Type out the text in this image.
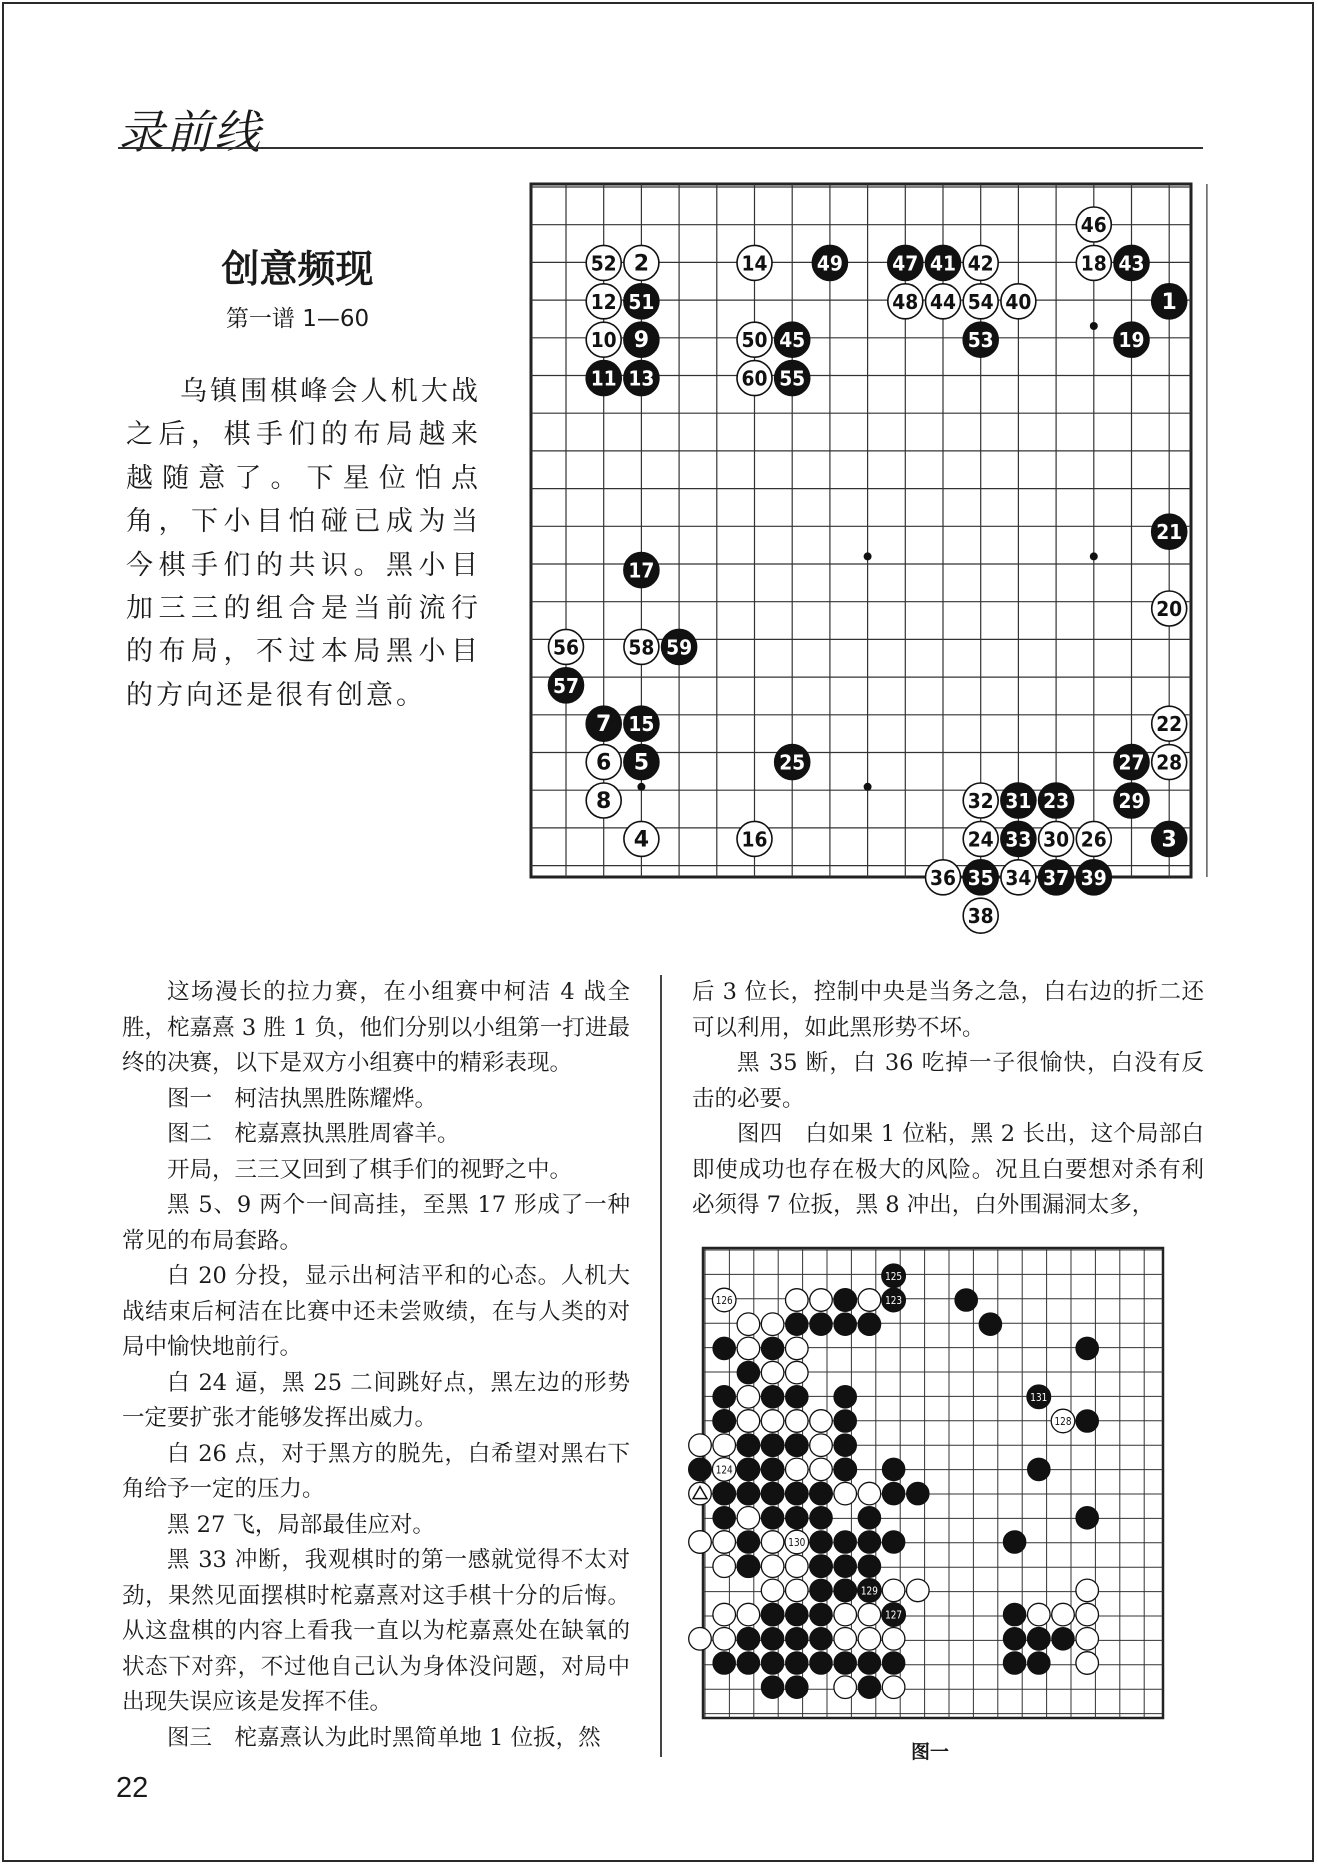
录前线
创意频现
第一谱 1—60

乌镇围棋峰会人机大战之后，棋手们的布局越来越随意了。下星位怕点角，下小目怕碰已成为当今棋手们的共识。黑小目加三三的组合是当前流行的布局，不过本局黑小目的方向还是很有创意。

1
2
3
4
5
6
7
8
9
10
11
12
13
14
15
16
17
18
19
20
21
22
23
24
25
26
27 28
29
30
31
32
33
34
35
36	37
38
39
40
41 42	43
44
45
46
47
48
49
50
51
52
53
54
55
56
57
58 59
60
125
126	123
131
128
124
130
129
127

这场漫长的拉力赛，在小组赛中柯洁 4 战全胜，柁嘉熹 3 胜 1 负，他们分别以小组第一打进最终的决赛，以下是双方小组赛中的精彩表现。

图一　柯洁执黑胜陈耀烨。

图二　柁嘉熹执黑胜周睿羊。

开局，三三又回到了棋手们的视野之中。

黑 5、9 两个一间高挂，至黑 17 形成了一种常见的布局套路。

白 20 分投，显示出柯洁平和的心态。人机大战结束后柯洁在比赛中还未尝败绩，在与人类的对局中愉快地前行。

白 24 逼，黑 25 二间跳好点，黑左边的形势一定要扩张才能够发挥出威力。

白 26 点，对于黑方的脱先，白希望对黑右下角给予一定的压力。

黑 27 飞，局部最佳应对。

黑 33 冲断，我观棋时的第一感就觉得不太对劲，果然见面摆棋时柁嘉熹对这手棋十分的后悔。从这盘棋的内容上看我一直以为柁嘉熹处在缺氧的状态下对弈，不过他自己认为身体没问题，对局中出现失误应该是发挥不佳。

图三　柁嘉熹认为此时黑简单地 1 位扳，然

后 3 位长，控制中央是当务之急，白右边的折二还可以利用，如此黑形势不坏。

黑 35 断，白 36 吃掉一子很愉快，白没有反击的必要。

图四　白如果 1 位粘，黑 2 长出，这个局部白即使成功也存在极大的风险。况且白要想对杀有利必须得 7 位扳，黑 8 冲出，白外围漏洞太多，

图一
22
